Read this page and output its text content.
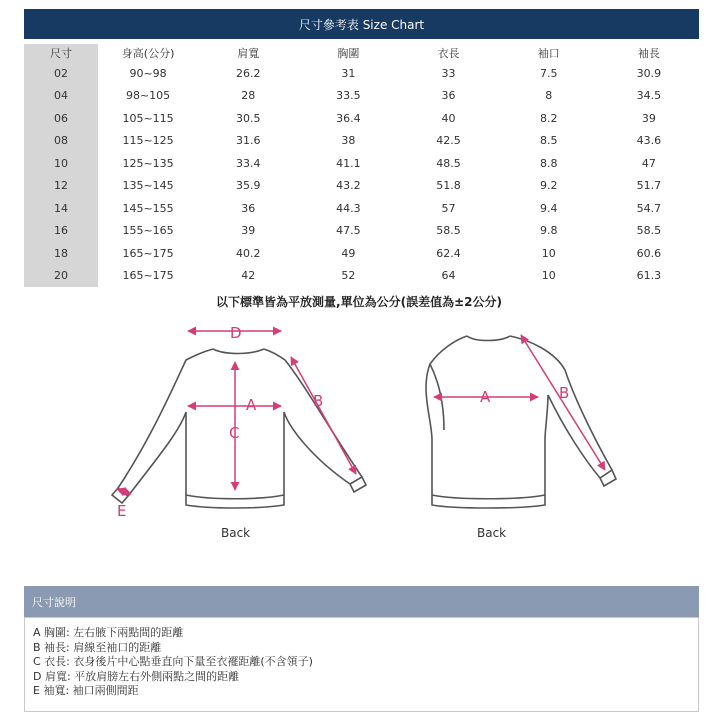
尺寸參考表 Size Chart
尺寸	身高(公分)	肩寬	胸圍	衣長	袖口	袖長
02	90~98	26.2	31	33	7.5	30.9
04	98~105	28	33.5	36	8	34.5
06	105~115	30.5	36.4	40	8.2	39
08	115~125	31.6	38	42.5	8.5	43.6
10	125~135	33.4	41.1	48.5	8.8	47
12	135~145	35.9	43.2	51.8	9.2	51.7
14	145~155	36	44.3	57	9.4	54.7
16	155~165	39	47.5	58.5	9.8	58.5
18	165~175	40.2	49	62.4	10	60.6
20	165~175	42	52	64	10	61.3
以下標準皆為平放測量,單位為公分(誤差值為±2公分)
D
A
C
B
E
Back
A	B
Back
尺寸說明
A 胸圍: 左右腋下兩點間的距離
B 袖長: 肩線至袖口的距離
C 衣長: 衣身後片中心點垂直向下量至衣襬距離(不含領子)
D 肩寬: 平放肩膀左右外側兩點之間的距離
E 袖寬: 袖口兩側間距
